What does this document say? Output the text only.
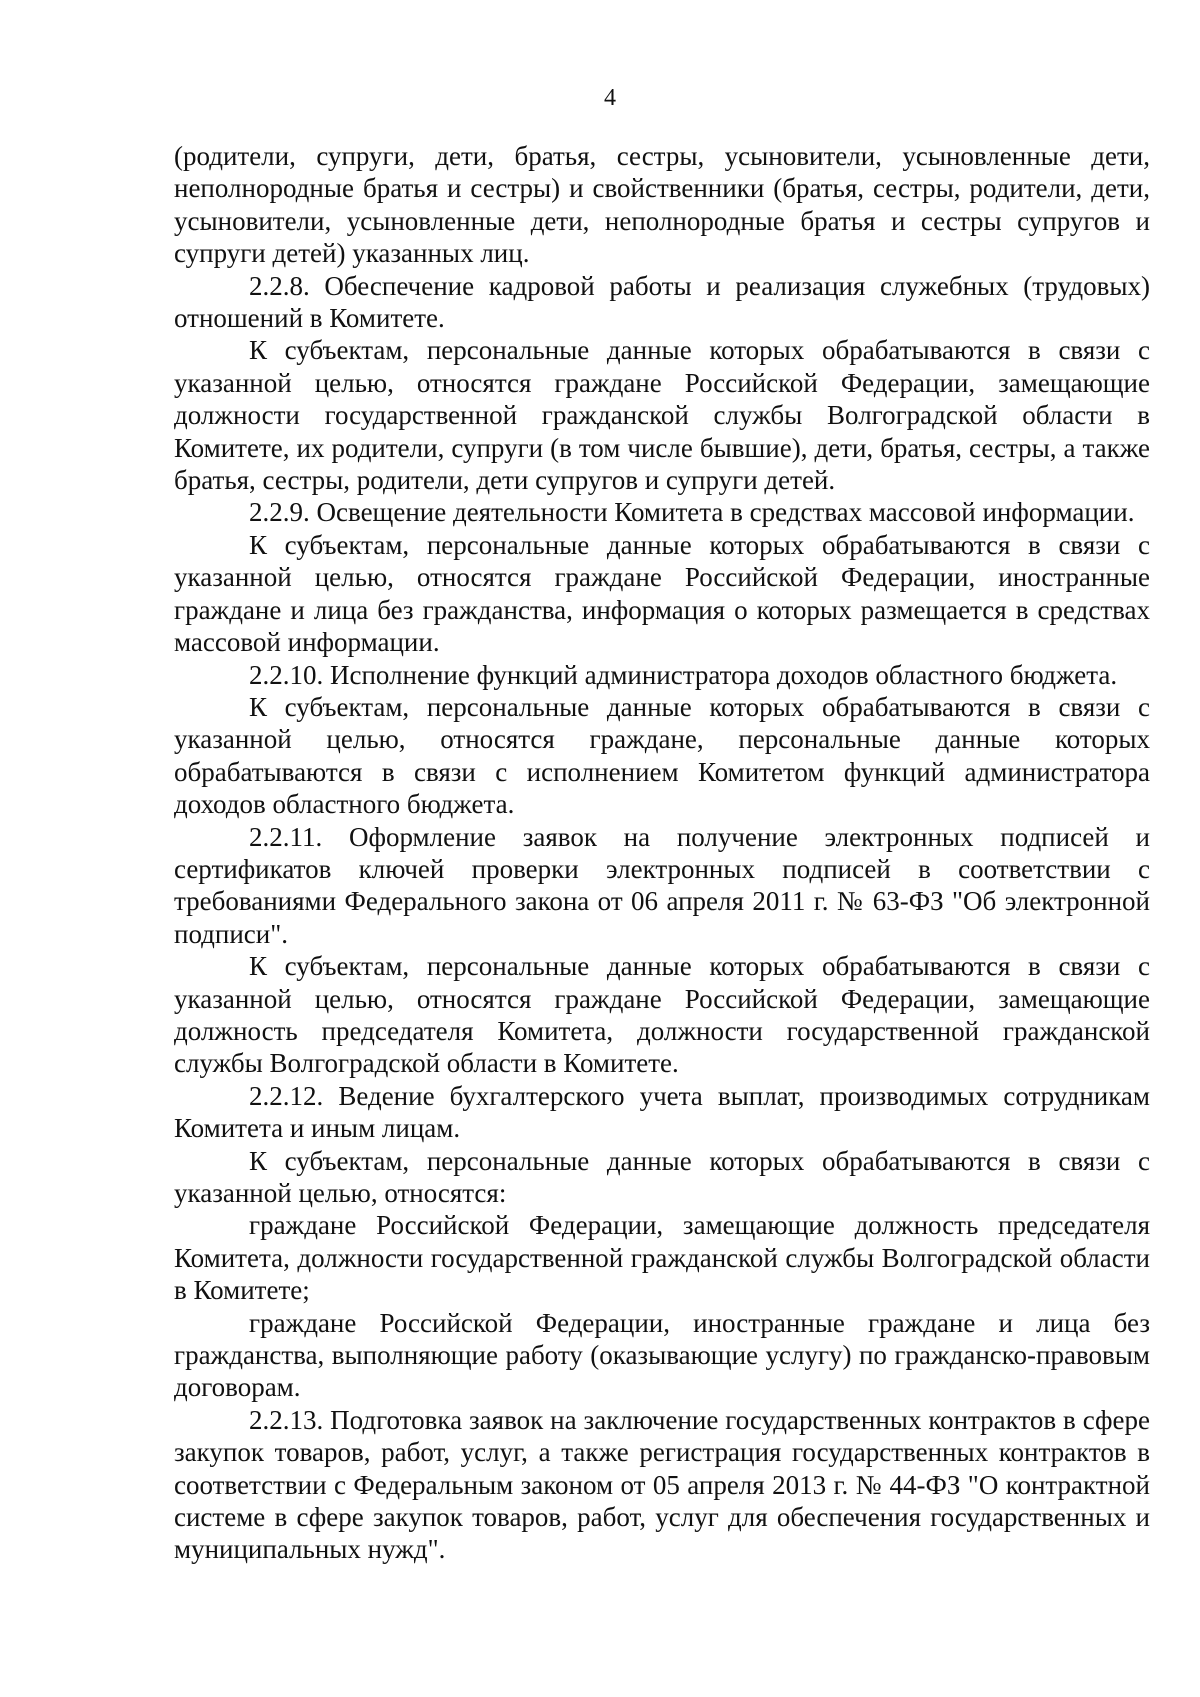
4

(родители, супруги, дети, братья, сестры, усыновители, усыновленные дети, неполнородные братья и сестры) и свойственники (братья, сестры, родители, дети, усыновители, усыновленные дети, неполнородные братья и сестры супругов и супруги детей) указанных лиц.

2.2.8. Обеспечение кадровой работы и реализация служебных (трудовых) отношений в Комитете.

К субъектам, персональные данные которых обрабатываются в связи с указанной целью, относятся граждане Российской Федерации, замещающие должности государственной гражданской службы Волгоградской области в Комитете, их родители, супруги (в том числе бывшие), дети, братья, сестры, а также братья, сестры, родители, дети супругов и супруги детей.

2.2.9. Освещение деятельности Комитета в средствах массовой информации.

К субъектам, персональные данные которых обрабатываются в связи с указанной целью, относятся граждане Российской Федерации, иностранные граждане и лица без гражданства, информация о которых размещается в средствах массовой информации.

2.2.10. Исполнение функций администратора доходов областного бюджета.

К субъектам, персональные данные которых обрабатываются в связи с указанной целью, относятся граждане, персональные данные которых обрабатываются в связи с исполнением Комитетом функций администратора доходов областного бюджета.

2.2.11. Оформление заявок на получение электронных подписей и сертификатов ключей проверки электронных подписей в соответствии с требованиями Федерального закона от 06 апреля 2011 г. № 63-ФЗ "Об электронной подписи".

К субъектам, персональные данные которых обрабатываются в связи с указанной целью, относятся граждане Российской Федерации, замещающие должность председателя Комитета, должности государственной гражданской службы Волгоградской области в Комитете.

2.2.12. Ведение бухгалтерского учета выплат, производимых сотрудникам Комитета и иным лицам.

К субъектам, персональные данные которых обрабатываются в связи с указанной целью, относятся:

граждане Российской Федерации, замещающие должность председателя Комитета, должности государственной гражданской службы Волгоградской области в Комитете;

граждане Российской Федерации, иностранные граждане и лица без гражданства, выполняющие работу (оказывающие услугу) по гражданско-правовым договорам.

2.2.13. Подготовка заявок на заключение государственных контрактов в сфере закупок товаров, работ, услуг, а также регистрация государственных контрактов в соответствии с Федеральным законом от 05 апреля 2013 г. № 44-ФЗ "О контрактной системе в сфере закупок товаров, работ, услуг для обеспечения государственных и муниципальных нужд".
